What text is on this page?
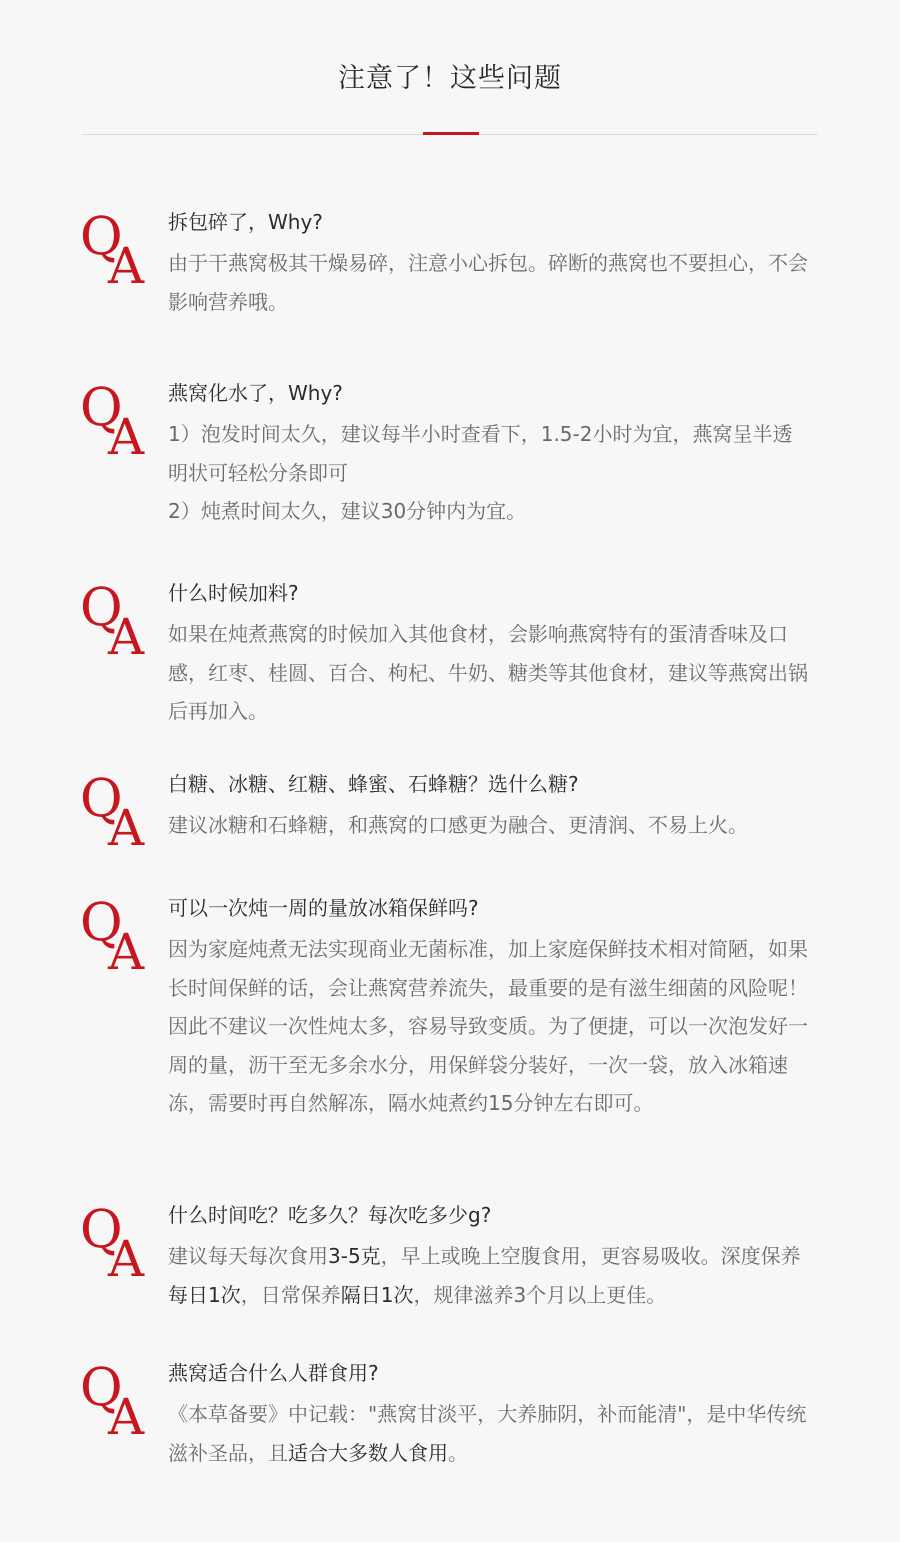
注意了！这些问题
Q
A

拆包碎了，Why?

由于干燕窝极其干燥易碎，注意小心拆包。碎断的燕窝也不要担心，不会影响营养哦。

Q
A

燕窝化水了，Why?

1）泡发时间太久，建议每半小时查看下，1.5-2小时为宜，燕窝呈半透明状可轻松分条即可

2）炖煮时间太久，建议30分钟内为宜。

Q
A

什么时候加料?

如果在炖煮燕窝的时候加入其他食材，会影响燕窝特有的蛋清香味及口感，红枣、桂圆、百合、枸杞、牛奶、糖类等其他食材，建议等燕窝出锅后再加入。

Q
A

白糖、冰糖、红糖、蜂蜜、石蜂糖？选什么糖?

建议冰糖和石蜂糖，和燕窝的口感更为融合、更清润、不易上火。

Q
A

可以一次炖一周的量放冰箱保鲜吗?

因为家庭炖煮无法实现商业无菌标准，加上家庭保鲜技术相对简陋，如果长时间保鲜的话，会让燕窝营养流失，最重要的是有滋生细菌的风险呢！ 因此不建议一次性炖太多，容易导致变质。为了便捷，可以一次泡发好一周的量，沥干至无多余水分，用保鲜袋分装好，一次一袋，放入冰箱速冻，需要时再自然解冻，隔水炖煮约15分钟左右即可。

Q
A

什么时间吃？吃多久？每次吃多少g?

建议每天每次食用3-5克，早上或晚上空腹食用，更容易吸收。深度保养每日1次，日常保养隔日1次，规律滋养3个月以上更佳。

Q
A

燕窝适合什么人群食用?

《本草备要》中记载："燕窝甘淡平，大养肺阴，补而能清"，是中华传统滋补圣品，且适合大多数人食用。
